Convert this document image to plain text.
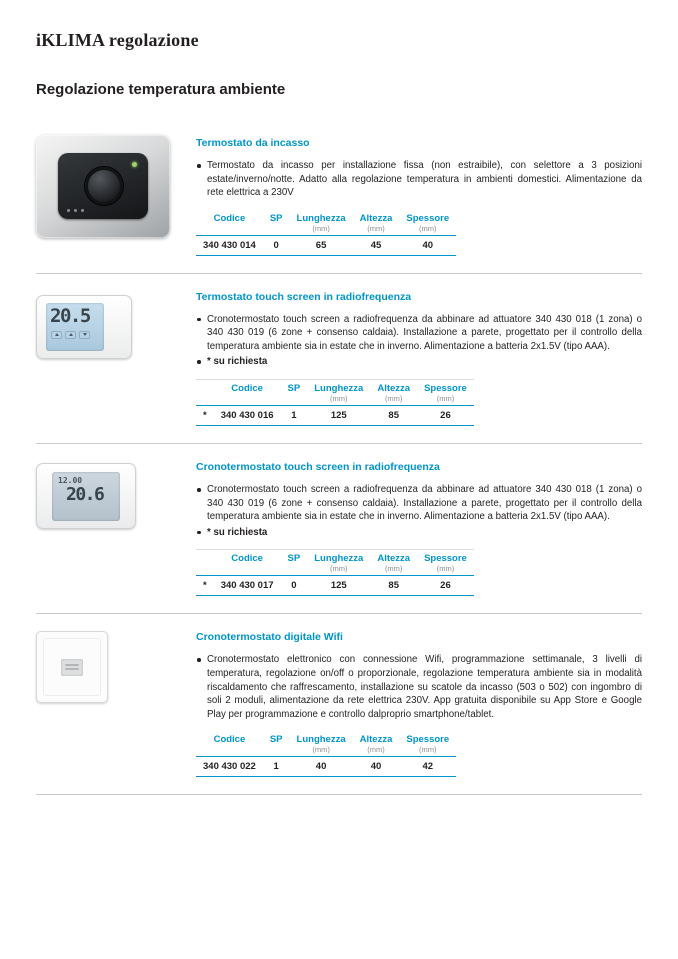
iKLIMA regolazione
Regolazione temperatura ambiente
Termostato da incasso
Termostato da incasso per installazione fissa (non estraibile), con selettore a 3 posizioni estate/inverno/notte. Adatto alla regolazione temperatura in ambienti domestici. Alimentazione da rete elettrica a 230V
Codice	SP	Lunghezza	Altezza	Spessore
		(mm)	(mm)	(mm)
340 430 014	0	65	45	40
20.5
Termostato touch screen in radiofrequenza
Cronotermostato touch screen a radiofrequenza da abbinare ad attuatore 340 430 018 (1 zona) o 340 430 019 (6 zone + consenso caldaia). Installazione a parete, progettato per il controllo della temperatura ambiente sia in estate che in inverno. Alimentazione a batteria 2x1.5V (tipo AAA).
* su richiesta
	Codice	SP	Lunghezza	Altezza	Spessore
			(mm)	(mm)	(mm)
*	340 430 016	1	125	85	26
12.00
20.6
Cronotermostato touch screen in radiofrequenza
Cronotermostato touch screen a radiofrequenza da abbinare ad attuatore 340 430 018 (1 zona) o 340 430 019 (6 zone + consenso caldaia). Installazione a parete, progettato per il controllo della temperatura ambiente sia in estate che in inverno. Alimentazione a batteria 2x1.5V (tipo AAA).
* su richiesta
	Codice	SP	Lunghezza	Altezza	Spessore
			(mm)	(mm)	(mm)
*	340 430 017	0	125	85	26
Cronotermostato digitale Wifi
Cronotermostato elettronico con connessione Wifi, programmazione settimanale, 3 livelli di temperatura, regolazione on/off o proporzionale, regolazione temperatura ambiente sia in modalità riscaldamento che raffrescamento, installazione su scatole da incasso (503 o 502) con ingombro di soli 2 moduli, alimentazione da rete elettrica 230V. App gratuita disponibile su App Store e Google Play per programmazione e controllo dalproprio smartphone/tablet.
Codice	SP	Lunghezza	Altezza	Spessore
		(mm)	(mm)	(mm)
340 430 022	1	40	40	42
